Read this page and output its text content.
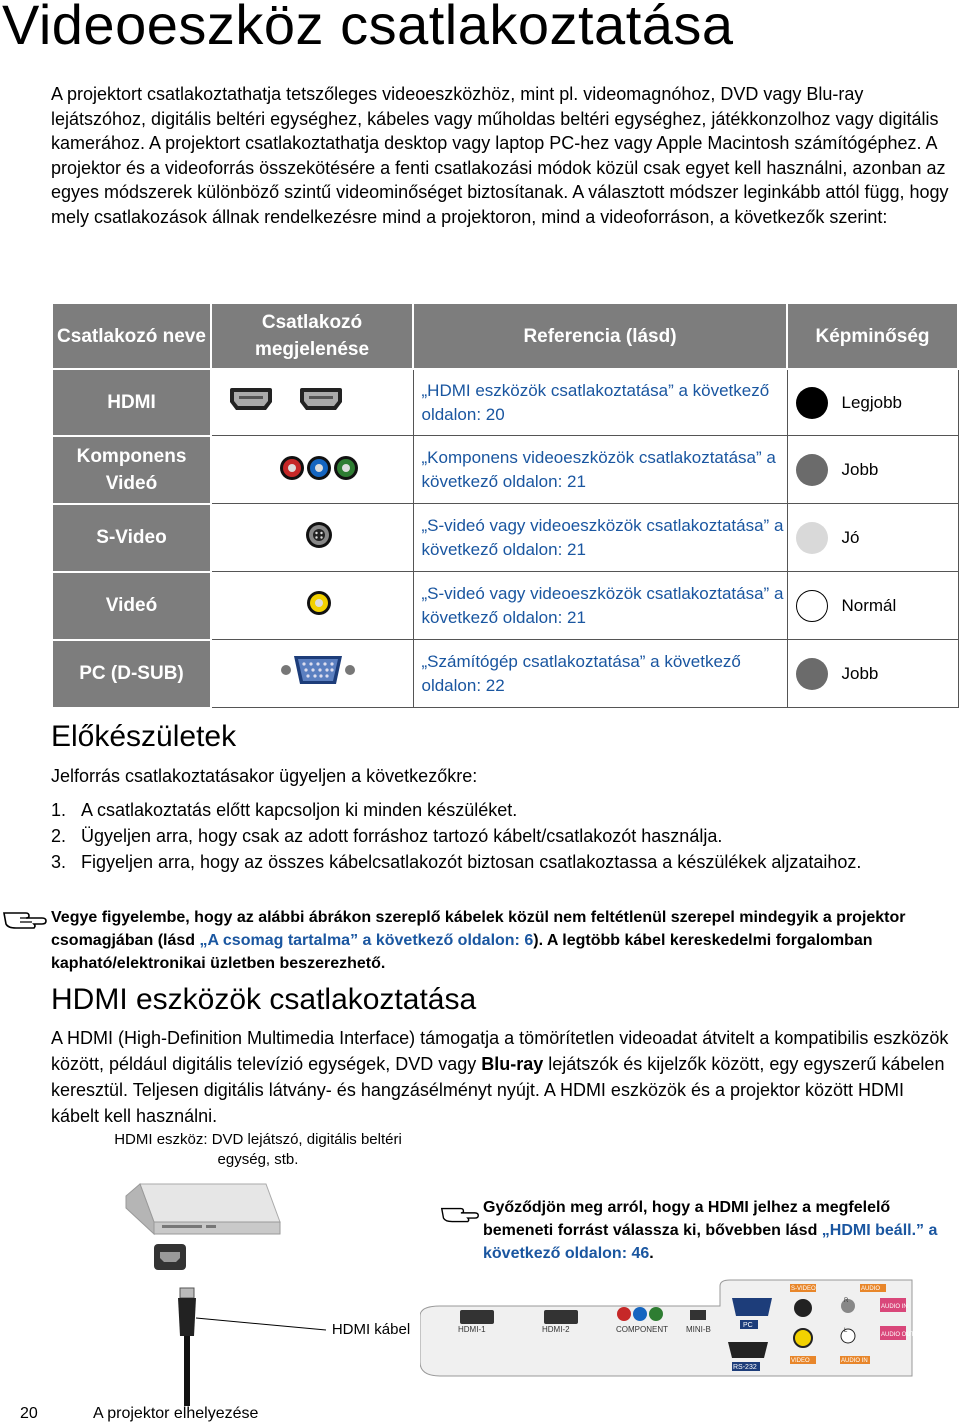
Videoeszköz csatlakoztatása

A projektort csatlakoztathatja tetszőleges videoeszközhöz, mint pl. videomagnóhoz, DVD vagy Blu-ray lejátszóhoz, digitális beltéri egységhez, kábeles vagy műholdas beltéri egységhez, játékkonzolhoz vagy digitális kamerához. A projektort csatlakoztathatja desktop vagy laptop PC-hez vagy Apple Macintosh számítógéphez. A projektor és a videoforrás összekötésére a fenti csatlakozási módok közül csak egyet kell használni, azonban az egyes módszerek különböző szintű videominőséget biztosítanak. A választott módszer leginkább attól függ, hogy mely csatlakozások állnak rendelkezésre mind a projektoron, mind a videoforráson, a következők szerint:

Csatlakozó neve	Csatlakozó megjelenése	Referencia (lásd)	Képminőség
HDMI		„HDMI eszközök csatlakoztatása” a következő oldalon: 20	Legjobb

Komponens Videó		„Komponens videoeszközök csatlakoztatása” a következő oldalon: 21	Jobb

S-Video		„S-videó vagy videoeszközök csatlakoztatása” a következő oldalon: 21	Jó

Videó		„S-videó vagy videoeszközök csatlakoztatása” a következő oldalon: 21	Normál

PC (D-SUB)		„Számítógép csatlakoztatása” a következő oldalon: 22	Jobb
Előkészületek

Jelforrás csatlakoztatásakor ügyeljen a következőkre:

1. A csatlakoztatás előtt kapcsoljon ki minden készüléket.
2. Ügyeljen arra, hogy csak az adott forráshoz tartozó kábelt/csatlakozót használja.
3. Figyeljen arra, hogy az összes kábelcsatlakozót biztosan csatlakoztassa a készülékek aljzataihoz.

Vegye figyelembe, hogy az alábbi ábrákon szereplő kábelek közül nem feltétlenül szerepel mindegyik a projektor csomagjában (lásd „A csomag tartalma” a következő oldalon: 6). A legtöbb kábel kereskedelmi forgalomban kapható/elektronikai üzletben beszerezhető.

HDMI eszközök csatlakoztatása

A HDMI (High-Definition Multimedia Interface) támogatja a tömörítetlen videoadat átvitelt a kompatibilis eszközök között, például digitális televízió egységek, DVD vagy Blu-ray lejátszók és kijelzők között, egy egyszerű kábelen keresztül. Teljesen digitális látvány- és hangzásélményt nyújt. A HDMI eszközök és a projektor között HDMI kábelt kell használni.

HDMI eszköz: DVD lejátszó, digitális beltéri egység, stb.
HDMI kábel

Győződjön meg arról, hogy a HDMI jelhez a megfelelő bemeneti forrást válassza ki, bővebben lásd „HDMI beáll.” a következő oldalon: 46.

HDMI-1	HDMI-2	COMPONENT MINI-B	PC
RS-232
S-VIDEO
VIDEO
R
L
AUDIO IN
AUDIO OUT
AUDIO
AUDIO IN
20	A projektor elhelyezése
